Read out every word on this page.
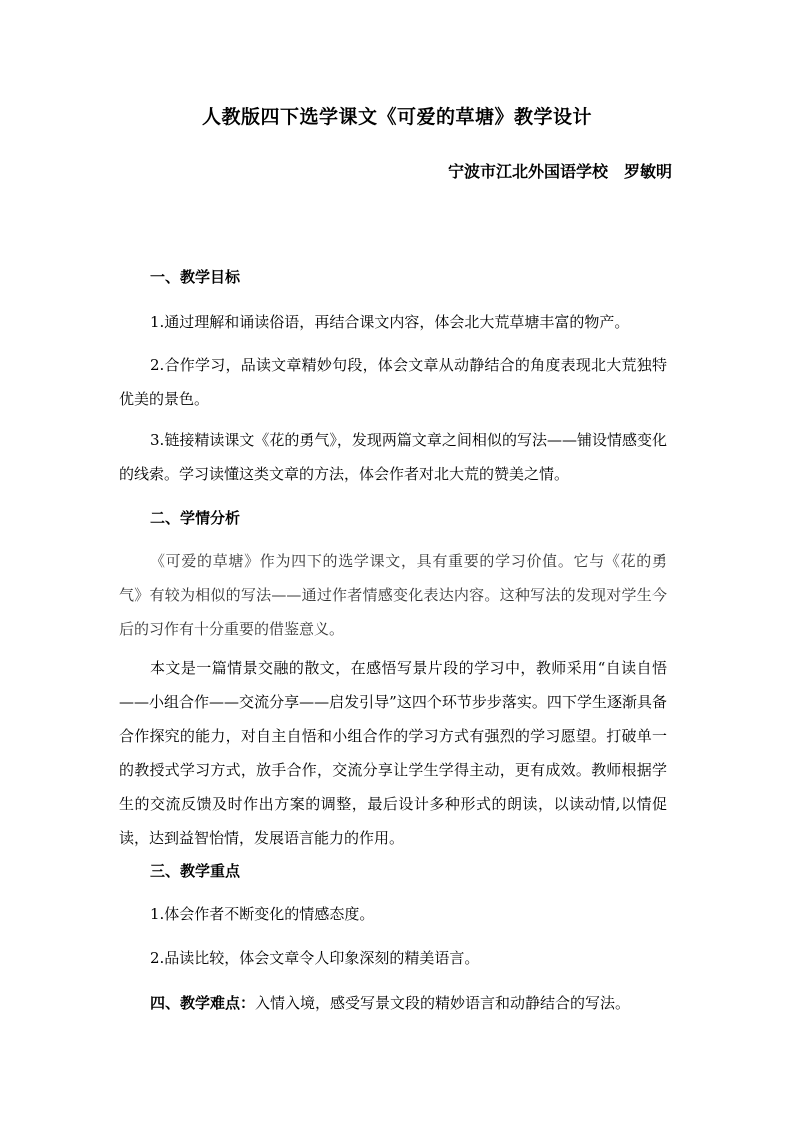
人教版四下选学课文《可爱的草塘》教学设计
宁波市江北外国语学校　罗敏明
一、教学目标
1.通过理解和诵读俗语，再结合课文内容，体会北大荒草塘丰富的物产。
2.合作学习，品读文章精妙句段，体会文章从动静结合的角度表现北大荒独特优美的景色。
3.链接精读课文《花的勇气》，发现两篇文章之间相似的写法——铺设情感变化的线索。学习读懂这类文章的方法，体会作者对北大荒的赞美之情。
二、学情分析
《可爱的草塘》作为四下的选学课文，具有重要的学习价值。它与《花的勇气》有较为相似的写法——通过作者情感变化表达内容。这种写法的发现对学生今后的习作有十分重要的借鉴意义。
本文是一篇情景交融的散文，在感悟写景片段的学习中，教师采用“自读自悟——小组合作——交流分享——启发引导”这四个环节步步落实。四下学生逐渐具备合作探究的能力，对自主自悟和小组合作的学习方式有强烈的学习愿望。打破单一的教授式学习方式，放手合作，交流分享让学生学得主动，更有成效。教师根据学生的交流反馈及时作出方案的调整，最后设计多种形式的朗读，以读动情,以情促读，达到益智怡情，发展语言能力的作用。
三、教学重点
1.体会作者不断变化的情感态度。
2.品读比较，体会文章令人印象深刻的精美语言。
四、教学难点：入情入境，感受写景文段的精妙语言和动静结合的写法。
